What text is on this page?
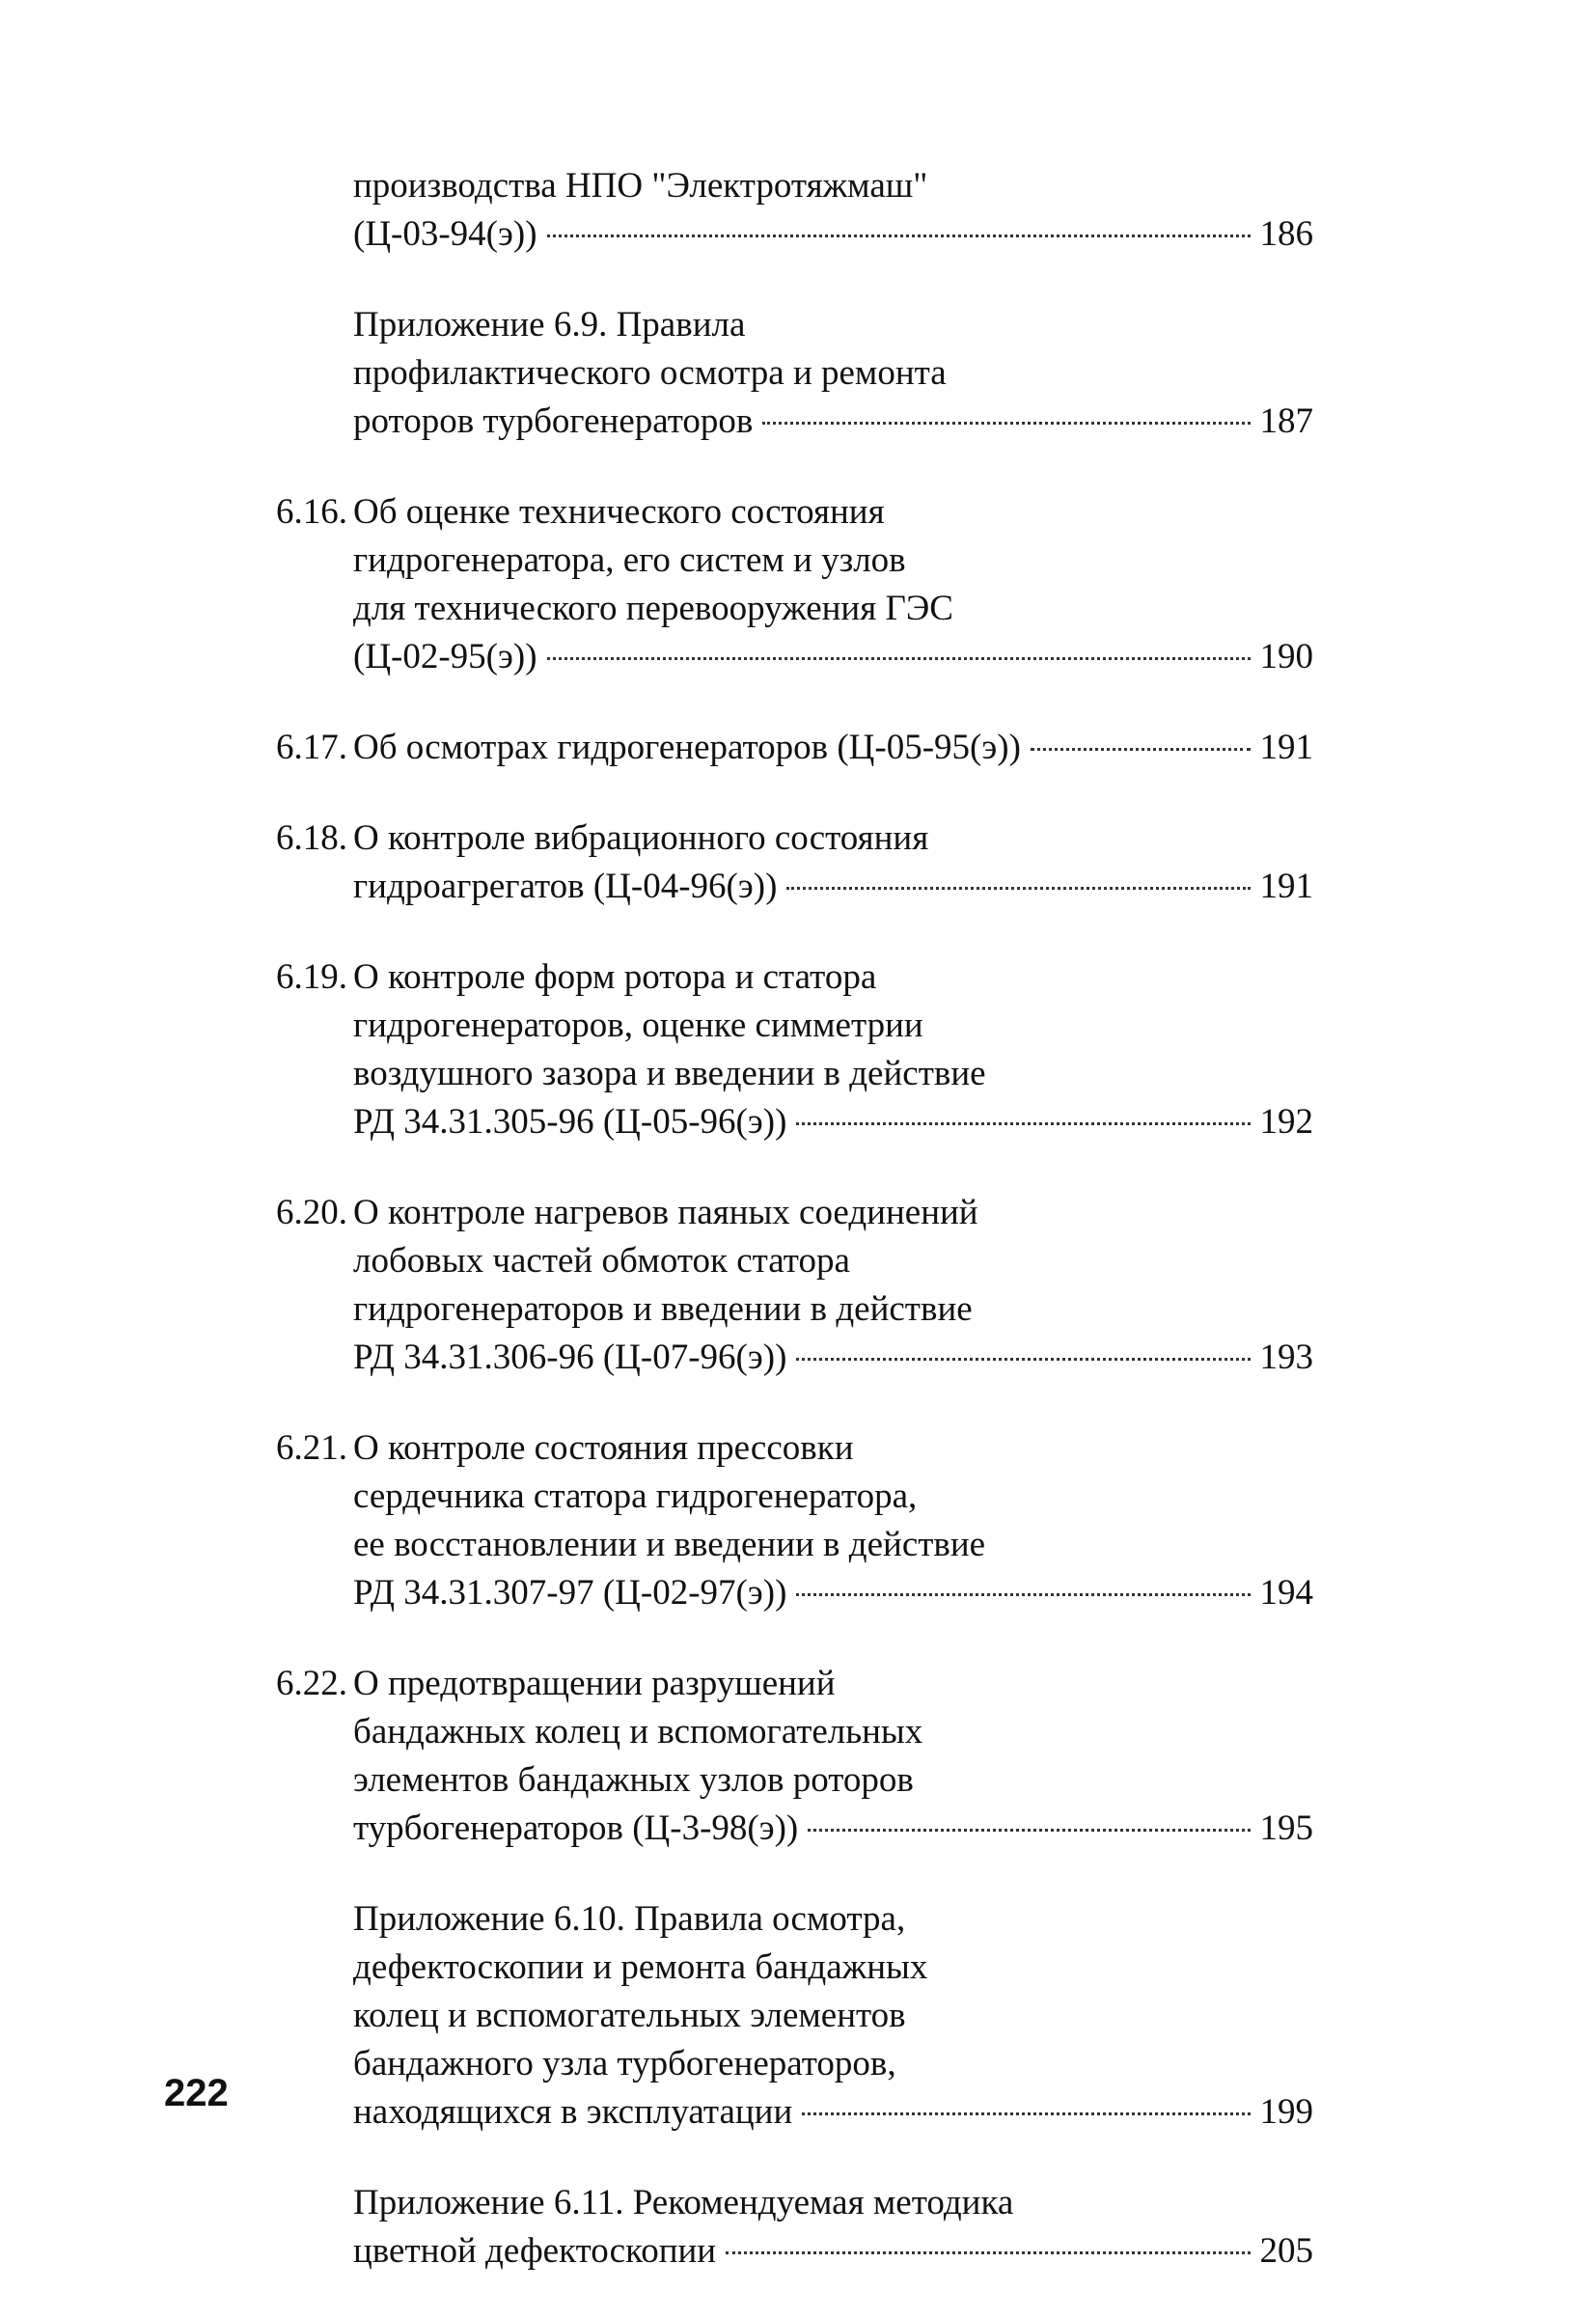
производства НПО "Электротяжмаш"
(Ц-03-94(э))	186
Приложение 6.9. Правила
профилактического осмотра и ремонта
роторов турбогенераторов	187
6.16. Об оценке технического состояния
гидрогенератора, его систем и узлов
для технического перевооружения ГЭС
(Ц-02-95(э))	190
6.17. Об осмотрах гидрогенераторов (Ц-05-95(э))	191
6.18. О контроле вибрационного состояния
гидроагрегатов (Ц-04-96(э))	191
6.19. О контроле форм ротора и статора
гидрогенераторов, оценке симметрии
воздушного зазора и введении в действие
РД 34.31.305-96 (Ц-05-96(э))	192
6.20. О контроле нагревов паяных соединений
лобовых частей обмоток статора
гидрогенераторов и введении в действие
РД 34.31.306-96 (Ц-07-96(э))	193
6.21. О контроле состояния прессовки
сердечника статора гидрогенератора,
ее восстановлении и введении в действие
РД 34.31.307-97 (Ц-02-97(э))	194
6.22. О предотвращении разрушений
бандажных колец и вспомогательных
элементов бандажных узлов роторов
турбогенераторов (Ц-3-98(э))	195
Приложение 6.10. Правила осмотра,
дефектоскопии и ремонта бандажных
колец и вспомогательных элементов
бандажного узла турбогенераторов,
находящихся в эксплуатации	199
Приложение 6.11. Рекомендуемая методика
цветной дефектоскопии	205
222
